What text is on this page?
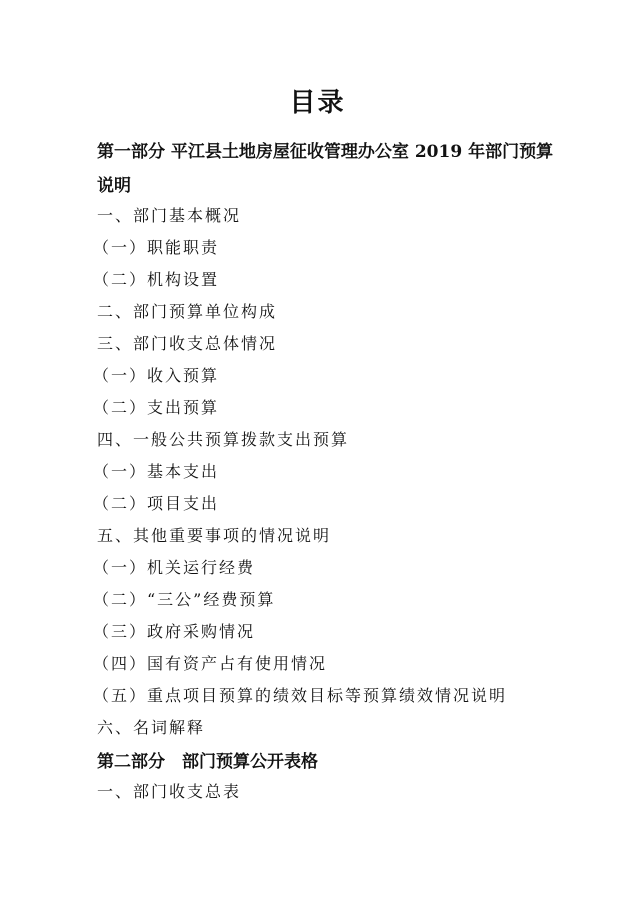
目录
第一部分 平江县土地房屋征收管理办公室 2019 年部门预算
说明
一、部门基本概况
（一）职能职责
（二）机构设置
二、部门预算单位构成
三、部门收支总体情况
（一）收入预算
（二）支出预算
四、一般公共预算拨款支出预算
（一）基本支出
（二）项目支出
五、其他重要事项的情况说明
（一）机关运行经费
（二）“三公”经费预算
（三）政府采购情况
（四）国有资产占有使用情况
（五）重点项目预算的绩效目标等预算绩效情况说明
六、名词解释
第二部分　部门预算公开表格
一、部门收支总表
